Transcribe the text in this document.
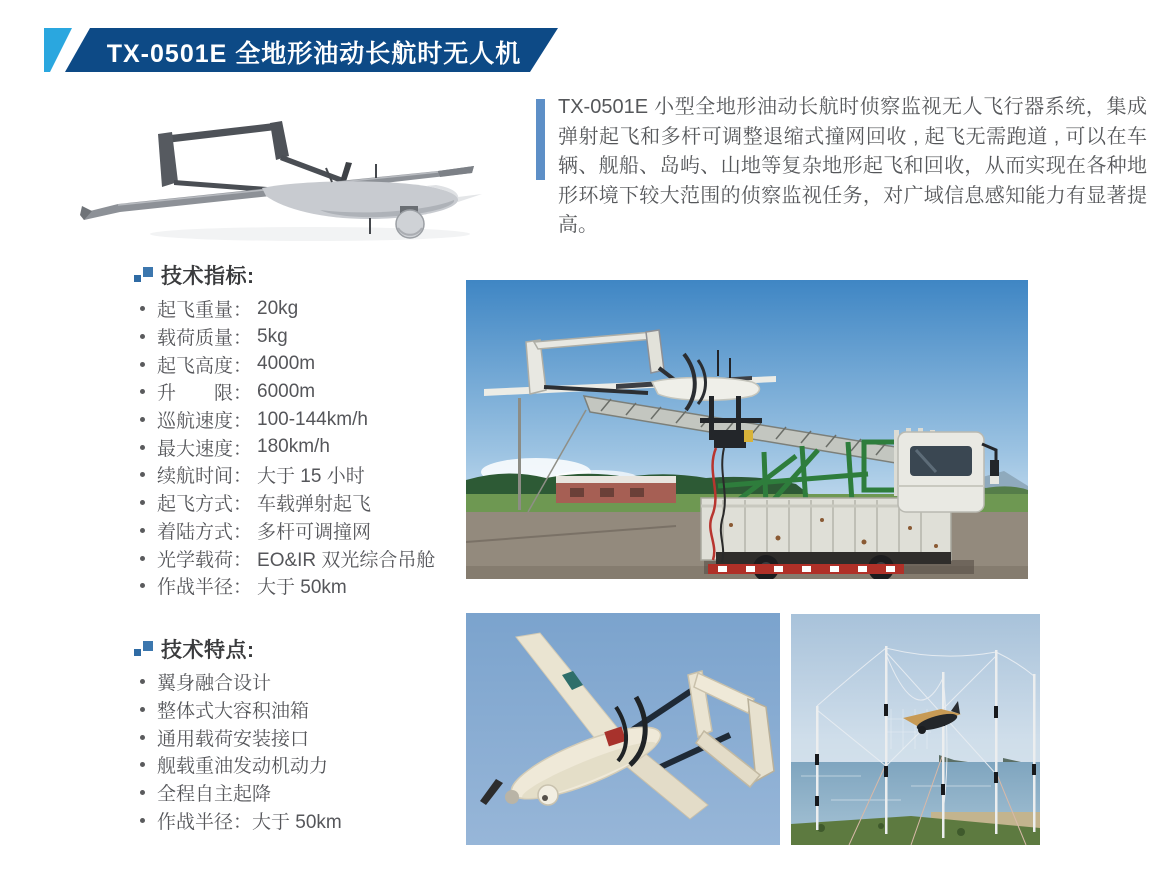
TX-0501E 全地形油动长航时无人机

TX-0501E 小型全地形油动长航时侦察监视无人飞行器系统，集成弹射起飞和多杆可调整退缩式撞网回收 , 起飞无需跑道 , 可以在车辆、舰船、岛屿、山地等复杂地形起飞和回收，从而实现在各种地形环境下较大范围的侦察监视任务，对广域信息感知能力有显著提高。

技术指标:
起飞重量： 20kg
载荷质量： 5kg
起飞高度： 4000m
升　　限： 6000m
巡航速度： 100-144km/h
最大速度： 180km/h
续航时间： 大于 15 小时
起飞方式： 车载弹射起飞
着陆方式： 多杆可调撞网
光学载荷： EO&IR 双光综合吊舱
作战半径： 大于 50km
技术特点:
翼身融合设计
整体式大容积油箱
通用载荷安装接口
舰载重油发动机动力
全程自主起降
作战半径：大于 50km
